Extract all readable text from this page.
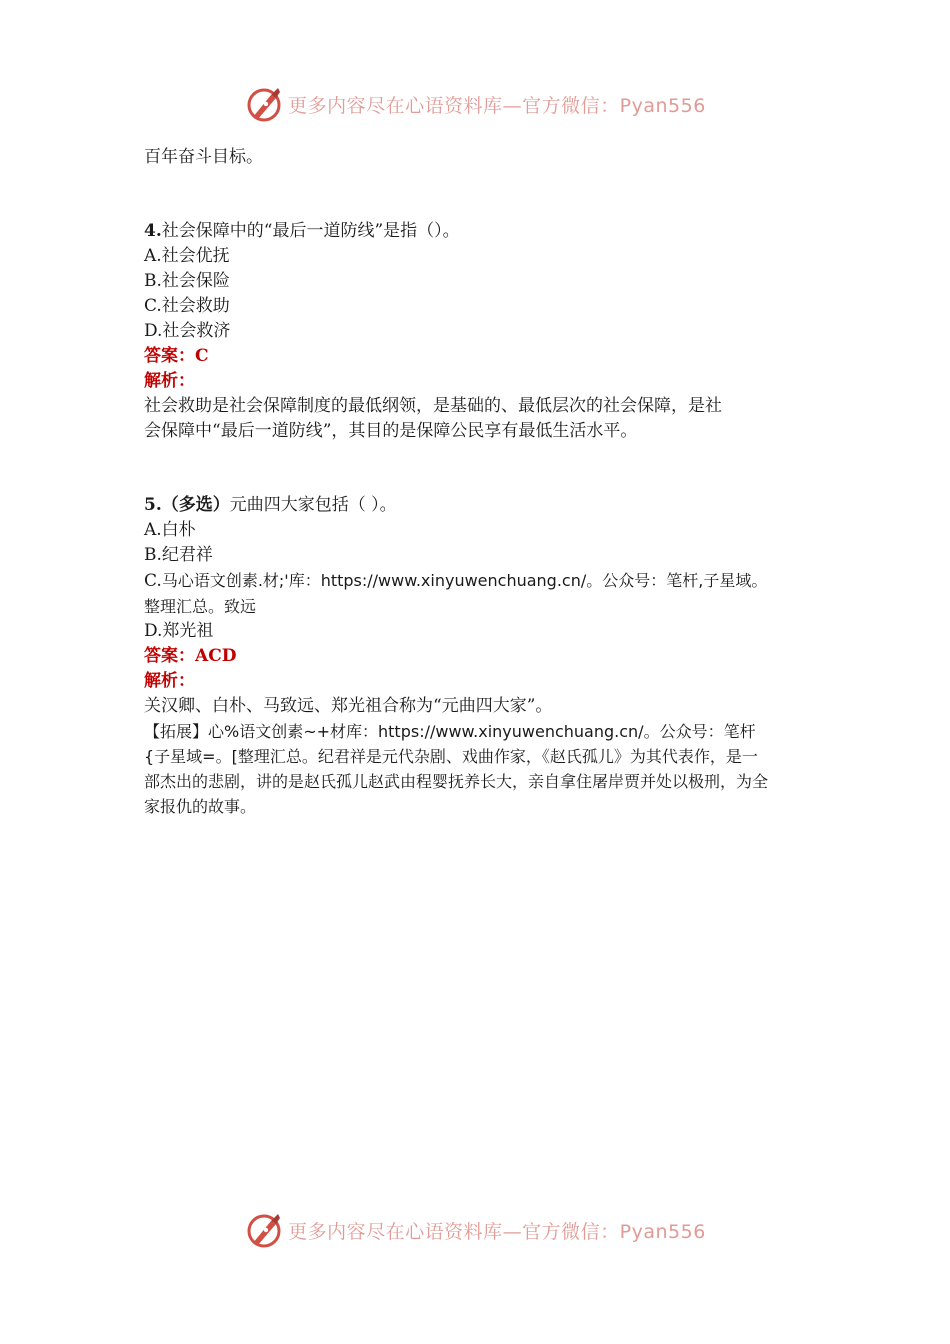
更多内容尽在心语资料库—官方微信：Pyan556
百年奋斗目标。
4.社会保障中的“最后一道防线”是指（）。
A.社会优抚
B.社会保险
C.社会救助
D.社会救济
答案：C
解析：
社会救助是社会保障制度的最低纲领，是基础的、最低层次的社会保障，是社
会保障中“最后一道防线”，其目的是保障公民享有最低生活水平。
5.（多选）元曲四大家包括（ ）。
A.白朴
B.纪君祥
C.马心语文创素.材;'库：https://www.xinyuwenchuang.cn/。公众号：笔杆,子星域。
整理汇总。致远
D.郑光祖
答案：ACD
解析：
关汉卿、白朴、马致远、郑光祖合称为“元曲四大家”。
【拓展】心%语文创素~+材库：https://www.xinyuwenchuang.cn/。公众号：笔杆
{子星域=。[整理汇总。纪君祥是元代杂剧、戏曲作家，《赵氏孤儿》为其代表作，是一
部杰出的悲剧，讲的是赵氏孤儿赵武由程婴抚养长大，亲自拿住屠岸贾并处以极刑，为全
家报仇的故事。
更多内容尽在心语资料库—官方微信：Pyan556
